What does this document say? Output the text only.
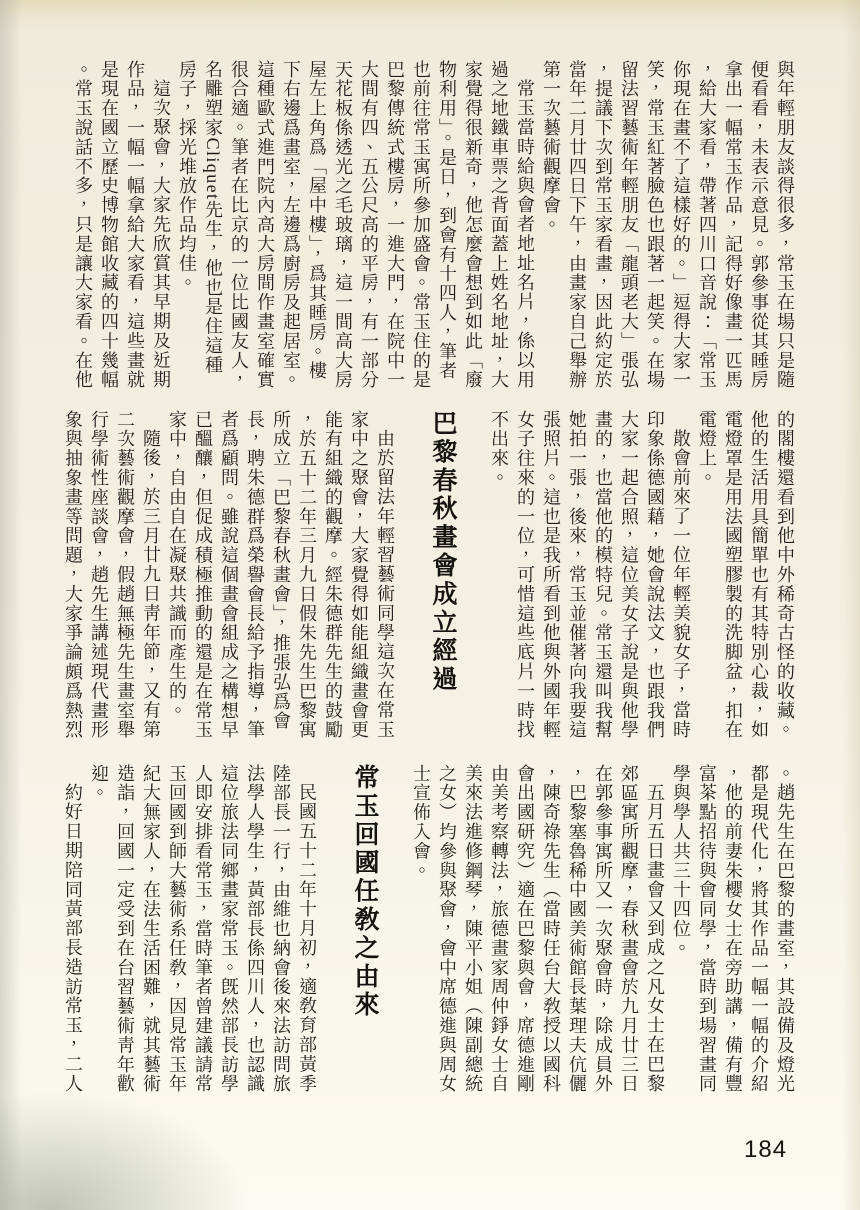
與年輕朋友談得很多，常玉在場只是隨便看看，未表示意見。郭參事從其睡房拿出一幅常玉作品，記得好像畫一匹馬，給大家看，帶著四川口音說：「常玉你現在畫不了這樣好的。」逗得大家一笑，常玉紅著臉色也跟著一起笑。在場留法習藝術年輕朋友「龍頭老大」張弘，提議下次到常玉家看畫，因此約定於當年二月廿四日下午，由畫家自己舉辦第一次藝術觀摩會。

常玉當時給與會者地址名片，係以用過之地鐵車票之背面蓋上姓名地址，大家覺得很新奇，他怎麼會想到如此「廢物利用」。是日，到會有十四人，筆者也前往常玉寓所參加盛會。常玉住的是巴黎傳統式樓房，一進大門，在院中一大間有四、五公尺高的平房，有一部分天花板係透光之毛玻璃，這一間高大房屋左上角爲「屋中樓」，爲其睡房。樓下右邊爲畫室，左邊爲廚房及起居室。這種歐式進門院內高大房間作畫室確實很合適。筆者在比京的一位比國友人，名雕塑家Cliquet先生，他也是住這種房子，採光堆放作品均佳。

這次聚會，大家先欣賞其早期及近期作品，一幅一幅拿給大家看，這些畫就是現在國立歷史博物館收藏的四十幾幅。常玉說話不多，只是讓大家看。在他

的閣樓還看到他中外稀奇古怪的收藏。他的生活用具簡單也有其特別心裁，如電燈罩是用法國塑膠製的洗脚盆，扣在電燈上。

散會前來了一位年輕美貌女子，當時印象係德國藉，她會說法文，也跟我們大家一起合照，這位美女子說是與他學畫的，也當他的模特兒。常玉還叫我幫她拍一張，後來，常玉並催著向我要這張照片。這也是我所看到他與外國年輕女子往來的一位，可惜這些底片一時找不出來。

巴黎春秋畫會成立經過

由於留法年輕習藝術同學這次在常玉家中之聚會，大家覺得如能組織畫會更能有組織的觀摩。經朱德群先生的鼓勵，於五十二年三月九日假朱先生巴黎寓所成立「巴黎春秋畫會」，推張弘爲會長，聘朱德群爲榮譽會長給予指導，筆者爲顧問。雖說這個畫會組成之構想早已醞釀，但促成積極推動的還是在常玉家中，自由自在凝聚共識而產生的。

隨後，於三月廿九日靑年節，又有第二次藝術觀摩會，假趙無極先生畫室舉行學術性座談會，趙先生講述現代畫形象與抽象畫等問題，大家爭論頗爲熱烈

。趙先生在巴黎的畫室，其設備及燈光都是現代化，將其作品一幅一幅的介紹，他的前妻朱櫻女士在旁助講，備有豐富茶點招待與會同學，當時到場習畫同學與學人共三十四位。

五月五日畫會又到成之凡女士在巴黎郊區寓所觀摩，春秋畫會於九月廿三日在郭參事寓所又一次聚會時，除成員外，巴黎塞魯稀中國美術館長葉理夫伉儷，陳奇祿先生（當時任台大敎授以國科會出國研究）適在巴黎與會，席德進剛由美考察轉法，旅德畫家周仲錚女士自美來法進修鋼琴，陳平小姐（陳副總統之女）均參與聚會，會中席德進與周女士宣佈入會。

常玉回國任敎之由來

民國五十二年十月初，適敎育部黃季陸部長一行，由維也納會後來法訪問旅法學人學生，黃部長係四川人，也認識這位旅法同鄉畫家常玉。旣然部長訪學人即安排看常玉，當時筆者曾建議請常玉回國到師大藝術系任敎，因見常玉年紀大無家人，在法生活困難，就其藝術造詣，回國一定受到在台習藝術靑年歡迎。

約好日期陪同黃部長造訪常玉，二人

184
